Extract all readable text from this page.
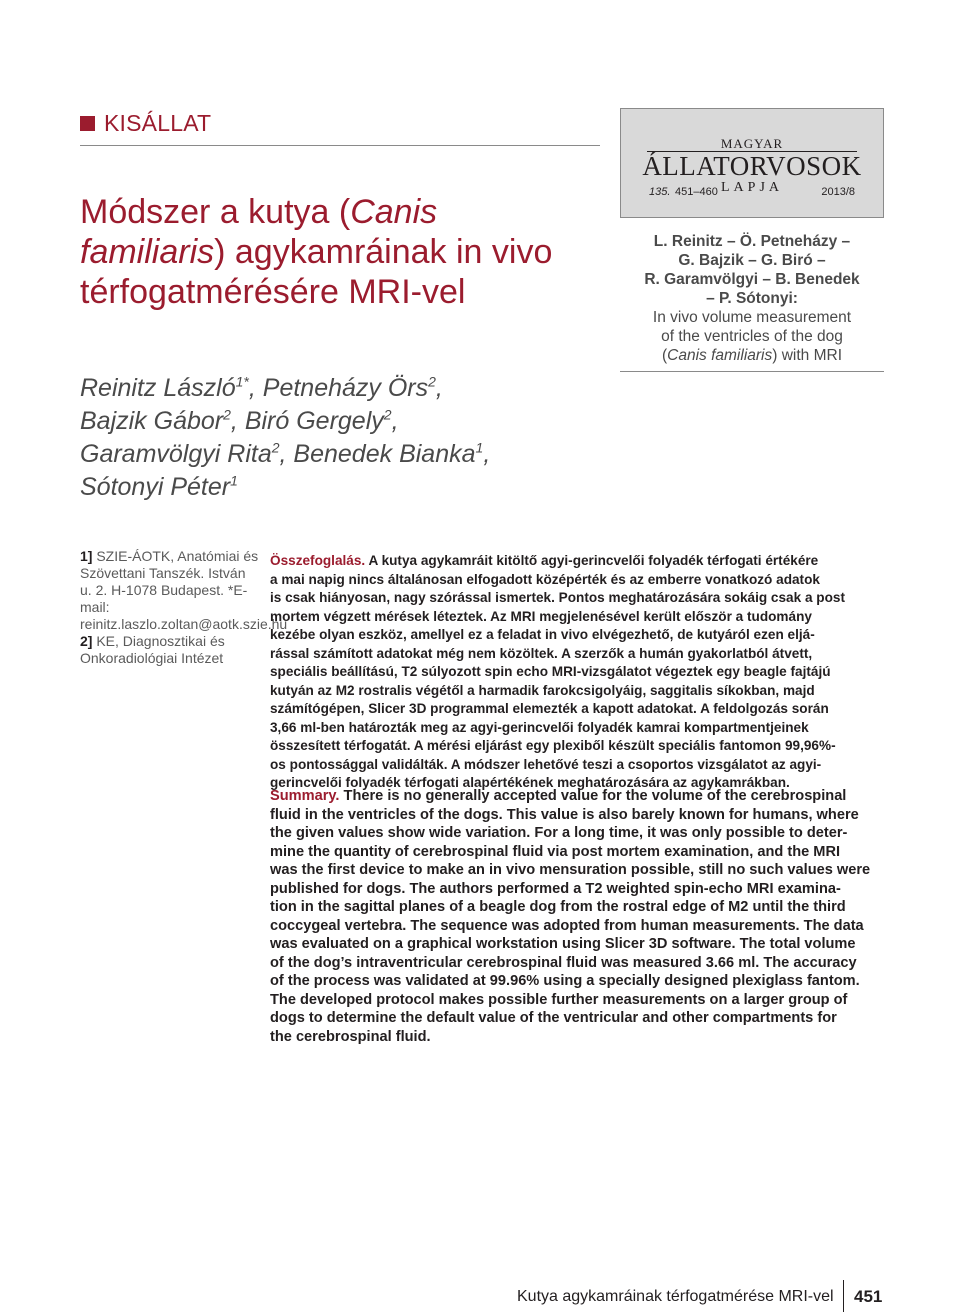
KISÁLLAT
Módszer a kutya (Canis
familiaris) agykamráinak in vivo
térfogatmérésére MRI-vel
Reinitz László$^{1*}$, Petneházy Örs$^2$,
Bajzik Gábor$^2$, Biró Gergely$^2$,
Garamvölgyi Rita$^2$, Benedek Bianka$^1$,
Sótonyi Péter$^1$
MAGYAR
ÁLLATORVOSOK
135. 451–460 LAPJA	2013/8
L. Reinitz – Ö. Petneházy –
G. Bajzik – G. Biró –
R. Garamvölgyi – B. Benedek
– P. Sótonyi:
In vivo volume measurement
of the ventricles of the dog
(Canis familiaris) with MRI

1] SZIE-ÁOTK, Anatómiai és Szövettani Tanszék. István u. 2. H-1078 Budapest. *E-mail: reinitz.laszlo.zoltan@aotk.szie.hu

2] KE, Diagnosztikai és Onkoradiológiai Intézet

Összefoglalás. A kutya agykamráit kitöltő agyi-gerincvelői folyadék térfogati értékére
a mai napig nincs általánosan elfogadott középérték és az emberre vonatkozó adatok
is csak hiányosan, nagy szórással ismertek. Pontos meghatározására sokáig csak a post
mortem végzett mérések léteztek. Az MRI megjelenésével került először a tudomány
kezébe olyan eszköz, amellyel ez a feladat in vivo elvégezhető, de kutyáról ezen eljá-
rással számított adatokat még nem közöltek. A szerzők a humán gyakorlatból átvett,
speciális beállítású, T2 súlyozott spin echo MRI-vizsgálatot végeztek egy beagle fajtájú
kutyán az M2 rostralis végétől a harmadik farokcsigolyáig, saggitalis síkokban, majd
számítógépen, Slicer 3D programmal elemezték a kapott adatokat. A feldolgozás során
3,66 ml-ben határozták meg az agyi-gerincvelői folyadék kamrai kompartmentjeinek
összesített térfogatát. A mérési eljárást egy plexiből készült speciális fantomon 99,96%-
os pontossággal validálták. A módszer lehetővé teszi a csoportos vizsgálatot az agyi-
gerincvelői folyadék térfogati alapértékének meghatározására az agykamrákban.
Summary. There is no generally accepted value for the volume of the cerebrospinal
fluid in the ventricles of the dogs. This value is also barely known for humans, where
the given values show wide variation. For a long time, it was only possible to deter-
mine the quantity of cerebrospinal fluid via post mortem examination, and the MRI
was the first device to make an in vivo mensuration possible, still no such values were
published for dogs. The authors performed a T2 weighted spin-echo MRI examina-
tion in the sagittal planes of a beagle dog from the rostral edge of M2 until the third
coccygeal vertebra. The sequence was adopted from human measurements. The data
was evaluated on a graphical workstation using Slicer 3D software. The total volume
of the dog’s intraventricular cerebrospinal fluid was measured 3.66 ml. The accuracy
of the process was validated at 99.96% using a specially designed plexiglass fantom.
The developed protocol makes possible further measurements on a larger group of
dogs to determine the default value of the ventricular and other compartments for
the cerebrospinal fluid.
Kutya agykamráinak térfogatmérése MRI-vel 451
